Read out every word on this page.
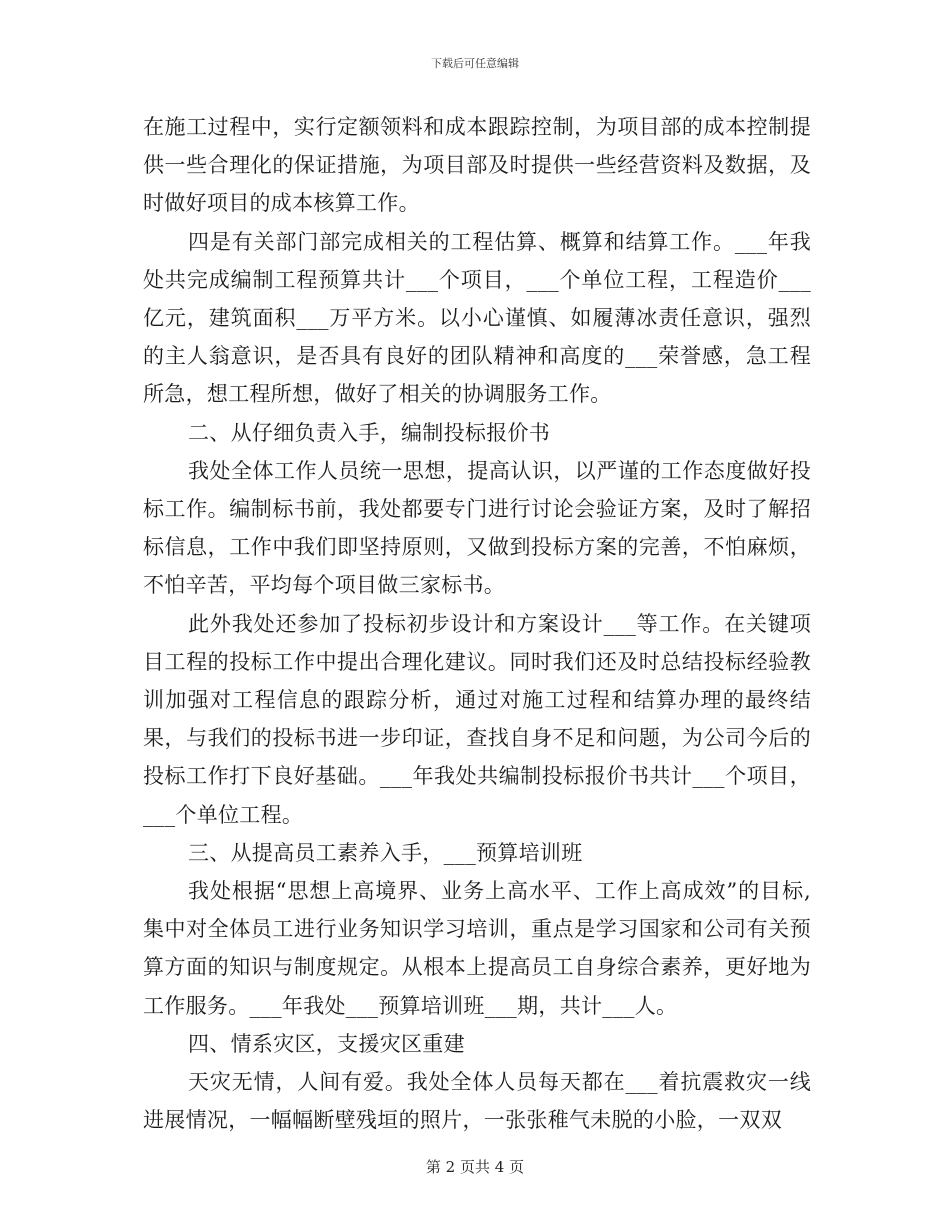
下载后可任意编辑

在施工过程中，实行定额领料和成本跟踪控制，为项目部的成本控制提供一些合理化的保证措施，为项目部及时提供一些经营资料及数据，及时做好项目的成本核算工作。

四是有关部门部完成相关的工程估算、概算和结算工作。___年我处共完成编制工程预算共计___个项目，___个单位工程，工程造价___亿元，建筑面积___万平方米。以小心谨慎、如履薄冰责任意识，强烈的主人翁意识，是否具有良好的团队精神和高度的___荣誉感，急工程所急，想工程所想，做好了相关的协调服务工作。

二、从仔细负责入手，编制投标报价书

我处全体工作人员统一思想，提高认识，以严谨的工作态度做好投标工作。编制标书前，我处都要专门进行讨论会验证方案，及时了解招标信息，工作中我们即坚持原则，又做到投标方案的完善，不怕麻烦，不怕辛苦，平均每个项目做三家标书。

此外我处还参加了投标初步设计和方案设计___等工作。在关键项目工程的投标工作中提出合理化建议。同时我们还及时总结投标经验教训加强对工程信息的跟踪分析，通过对施工过程和结算办理的最终结果，与我们的投标书进一步印证，查找自身不足和问题，为公司今后的投标工作打下良好基础。___年我处共编制投标报价书共计___个项目，___个单位工程。

三、从提高员工素养入手，___预算培训班

我处根据“思想上高境界、业务上高水平、工作上高成效”的目标,集中对全体员工进行业务知识学习培训，重点是学习国家和公司有关预算方面的知识与制度规定。从根本上提高员工自身综合素养，更好地为工作服务。___年我处___预算培训班___期，共计___人。

四、情系灾区，支援灾区重建

天灾无情，人间有爱。我处全体人员每天都在___着抗震救灾一线进展情况，一幅幅断壁残垣的照片，一张张稚气未脱的小脸，一双双

第 2 页共 4 页
